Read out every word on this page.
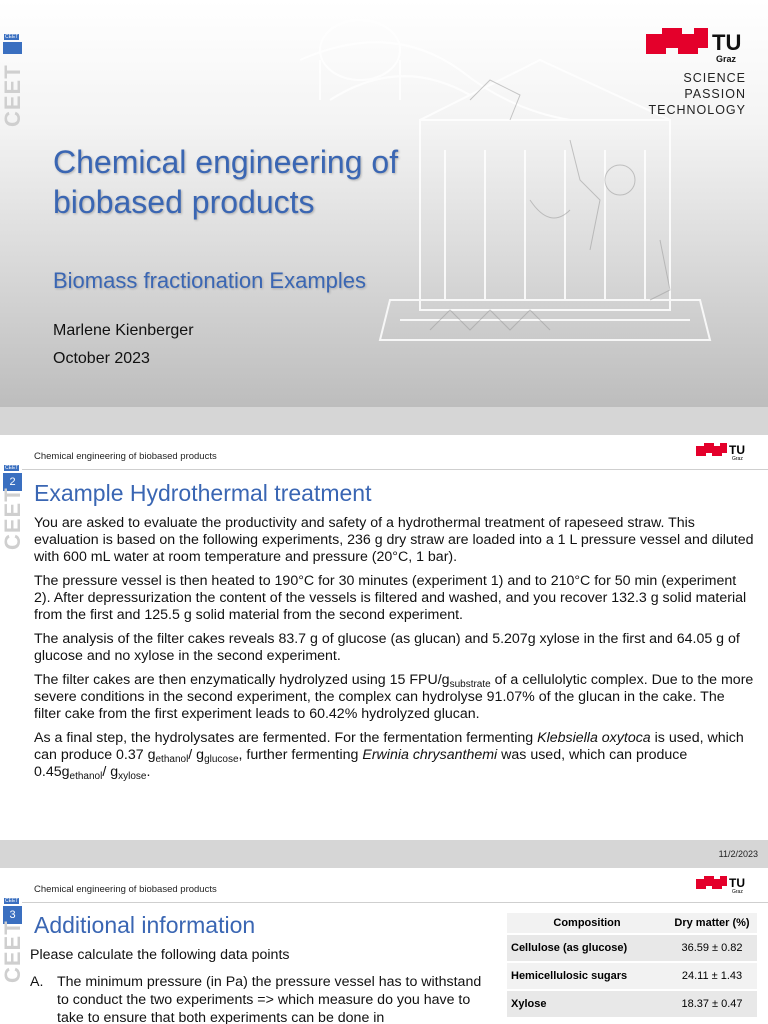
CEET
CEET
Chemical engineering of biobased products
Biomass fractionation Examples
Marlene Kienberger
October 2023
TU
Graz
SCIENCE
PASSION
TECHNOLOGY
Chemical engineering of biobased products	TU
Graz
CEET
2
CEET Example Hydrothermal treatment

You are asked to evaluate the productivity and safety of a hydrothermal treatment of rapeseed straw. This evaluation is based on the following experiments, 236 g dry straw are loaded into a 1 L pressure vessel and diluted with 600 mL water at room temperature and pressure (20°C, 1 bar).

The pressure vessel is then heated to 190°C for 30 minutes (experiment 1) and to 210°C for 50 min (experiment 2). After depressurization the content of the vessels is filtered and washed, and you recover 132.3 g solid material from the first and 125.5 g solid material from the second experiment.

The analysis of the filter cakes reveals 83.7 g of glucose (as glucan) and 5.207g xylose in the first and 64.05 g of glucose and no xylose in the second experiment.

The filter cakes are then enzymatically hydrolyzed using 15 FPU/$g_{substrate}$ of a cellulolytic complex. Due to the more severe conditions in the second experiment, the complex can hydrolyse 91.07% of the glucan in the cake. The filter cake from the first experiment leads to 60.42% hydrolyzed glucan.

As a final step, the hydrolysates are fermented. For the fermentation fermenting Klebsiella oxytoca is used, which can produce 0.37 $g_{ethanol}/$ $g_{glucose}$, further fermenting Erwinia chrysanthemi was used, which can produce $0.45g_{ethanol}/$ $g_{xylose}$.

11/2/2023
Chemical engineering of biobased products	TU
Graz
CEET
3
CEET Additional information
Please calculate the following data points
A. The minimum pressure (in Pa) the pressure vessel has to withstand to conduct the two experiments => which measure do you have to take to ensure that both experiments can be done in
Composition	Dry matter (%)
Cellulose (as glucose)	36.59 ± 0.82
Hemicellulosic sugars	24.11 ± 1.43
Xylose	18.37 ± 0.47
